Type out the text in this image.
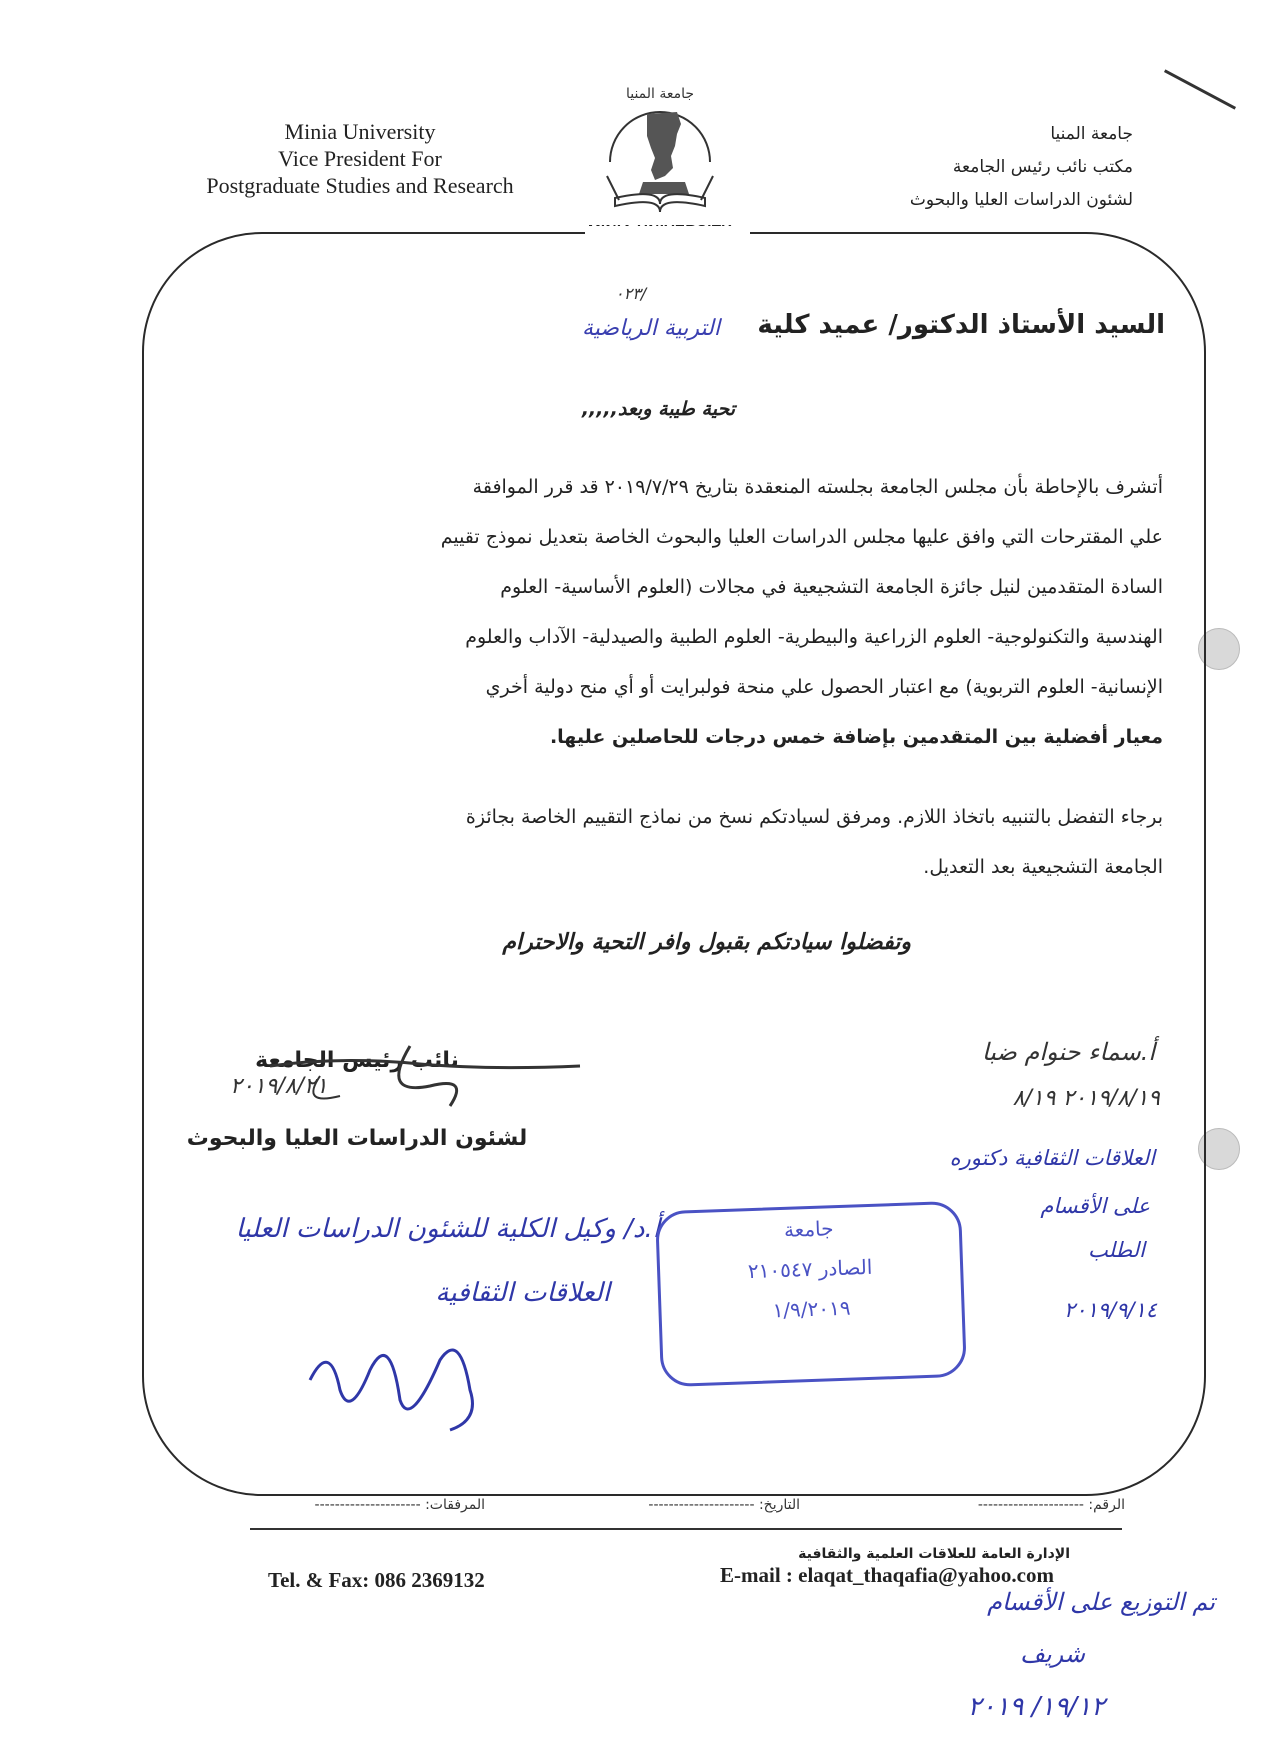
Minia University
Vice President For
Postgraduate Studies and Research
جامعة المنيا
مكتب نائب رئيس الجامعة
لشئون الدراسات العليا والبحوث
جامعة المنيا
٠٢٣/
السيد الأستاذ الدكتور/ عميد كلية
التربية الرياضية
تحية طيبة وبعد,,,,,
أتشرف بالإحاطة بأن مجلس الجامعة بجلسته المنعقدة بتاريخ ٢٠١٩/٧/٢٩ قد قرر الموافقة
علي المقترحات التي وافق عليها مجلس الدراسات العليا والبحوث الخاصة بتعديل نموذج تقييم
السادة المتقدمين لنيل جائزة الجامعة التشجيعية في مجالات (العلوم الأساسية- العلوم
الهندسية والتكنولوجية- العلوم الزراعية والبيطرية- العلوم الطبية والصيدلية- الآداب والعلوم
الإنسانية- العلوم التربوية) مع اعتبار الحصول علي منحة فولبرايت أو أي منح دولية أخري
معيار أفضلية بين المتقدمين بإضافة خمس درجات للحاصلين عليها.
برجاء التفضل بالتنبيه باتخاذ اللازم. ومرفق لسيادتكم نسخ من نماذج التقييم الخاصة بجائزة
الجامعة التشجيعية بعد التعديل.
وتفضلوا سيادتكم بقبول وافر التحية والاحترام
نائب رئيس الجامعة
لشئون الدراسات العليا والبحوث
٢٠١٩/٨/٢١
أ.سماء حنوام ضبا
٢٠١٩/٨/١٩ ٨/١٩
العلاقات الثقافية دكتوره
على الأقسام
الطلب
٢٠١٩/٩/١٤
أ.د/ وكيل الكلية للشئون الدراسات العليا
العلاقات الثقافية
جامعة
الصادر ٢١٠٥٤٧
١/٩/٢٠١٩
الرقم: ---------------------
التاريخ: ---------------------
المرفقات: ---------------------
الإدارة العامة للعلاقات العلمية والثقافية
Tel. & Fax: 086 2369132	E-mail : elaqat_thaqafia@yahoo.com
تم التوزيع على الأقسام
شريف
١٩/١٢/ ٢٠١٩
